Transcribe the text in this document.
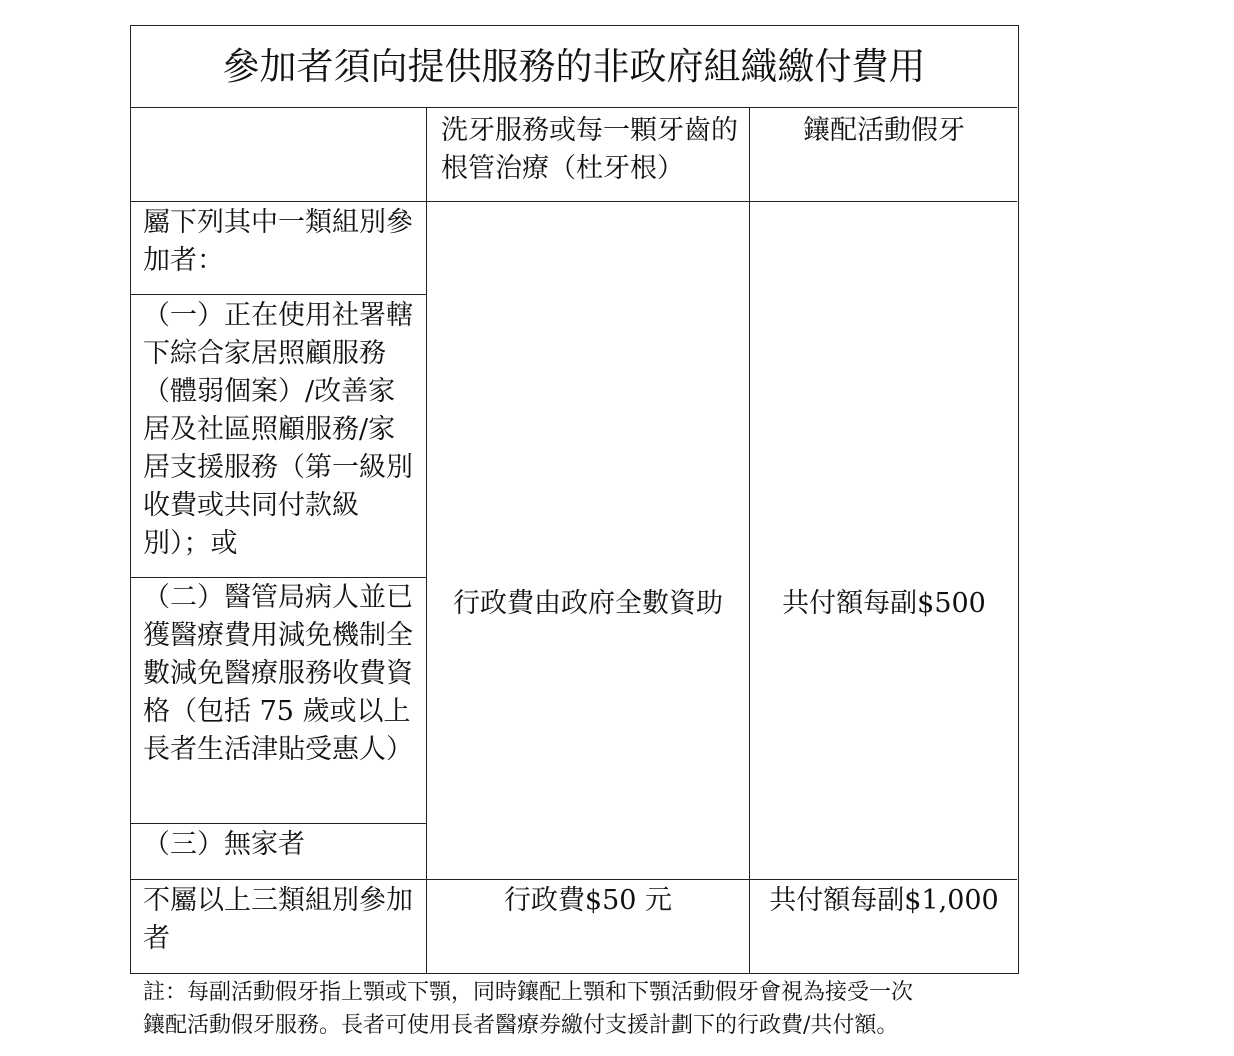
參加者須向提供服務的非政府組織繳付費用
洗牙服務或每一顆牙齒的根管治療（杜牙根）
鑲配活動假牙
屬下列其中一類組別參加者：
（一）正在使用社署轄下綜合家居照顧服務（體弱個案）/改善家居及社區照顧服務/家居支援服務（第一級別收費或共同付款級別）；或
（二）醫管局病人並已獲醫療費用減免機制全數減免醫療服務收費資格（包括 75 歲或以上長者生活津貼受惠人）
（三）無家者
行政費由政府全數資助	共付額每副$500
不屬以上三類組別參加者
行政費$50 元	共付額每副$1,000
註：每副活動假牙指上顎或下顎，同時鑲配上顎和下顎活動假牙會視為接受一次
鑲配活動假牙服務。長者可使用長者醫療券繳付支援計劃下的行政費/共付額。
